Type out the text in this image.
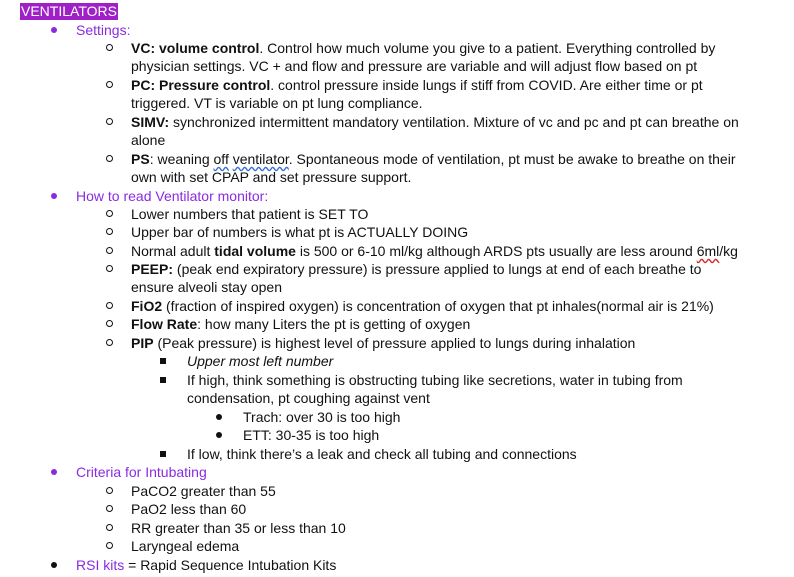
VENTILATORS
Settings:
VC: volume control. Control how much volume you give to a patient. Everything controlled by
physician settings. VC + and flow and pressure are variable and will adjust flow based on pt
PC: Pressure control. control pressure inside lungs if stiff from COVID. Are either time or pt
triggered. VT is variable on pt lung compliance.
SIMV: synchronized intermittent mandatory ventilation. Mixture of vc and pc and pt can breathe on
alone
PS: weaning off ventilator. Spontaneous mode of ventilation, pt must be awake to breathe on their
own with set CPAP and set pressure support.
How to read Ventilator monitor:
Lower numbers that patient is SET TO
Upper bar of numbers is what pt is ACTUALLY DOING
Normal adult tidal volume is 500 or 6-10 ml/kg although ARDS pts usually are less around 6ml/kg
PEEP: (peak end expiratory pressure) is pressure applied to lungs at end of each breathe to
ensure alveoli stay open
FiO2 (fraction of inspired oxygen) is concentration of oxygen that pt inhales(normal air is 21%)
Flow Rate: how many Liters the pt is getting of oxygen
PIP (Peak pressure) is highest level of pressure applied to lungs during inhalation
Upper most left number
If high, think something is obstructing tubing like secretions, water in tubing from
condensation, pt coughing against vent
Trach: over 30 is too high
ETT: 30-35 is too high
If low, think there’s a leak and check all tubing and connections
Criteria for Intubating
PaCO2 greater than 55
PaO2 less than 60
RR greater than 35 or less than 10
Laryngeal edema
RSI kits = Rapid Sequence Intubation Kits
